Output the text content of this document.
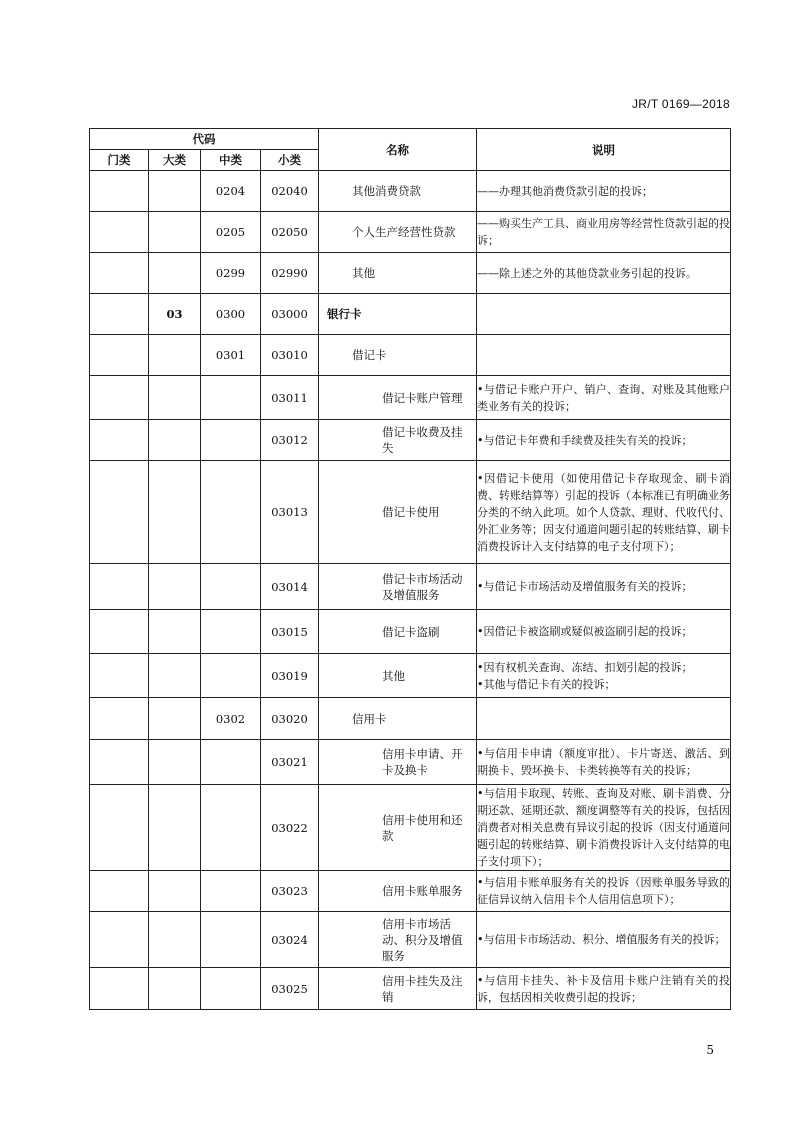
JR/T 0169—2018
代码				名称	说明
门类	大类	中类	小类		
		0204	02040	其他消费贷款	——办理其他消费贷款引起的投诉；
		0205	02050	个人生产经营性贷款	——购买生产工具、商业用房等经营性贷款引起的投诉；
		0299	02990	其他	——除上述之外的其他贷款业务引起的投诉。
	03	0300	03000	银行卡	
		0301	03010	借记卡	
			03011	借记卡账户管理	•与借记卡账户开户、销户、查询、对账及其他账户类业务有关的投诉；
			03012	借记卡收费及挂失	•与借记卡年费和手续费及挂失有关的投诉；
			03013	借记卡使用	•因借记卡使用（如使用借记卡存取现金、刷卡消费、转账结算等）引起的投诉（本标准已有明确业务分类的不纳入此项。如个人贷款、理财、代收代付、外汇业务等；因支付通道问题引起的转账结算、刷卡消费投诉计入支付结算的电子支付项下）；
			03014	借记卡市场活动及增值服务	•与借记卡市场活动及增值服务有关的投诉；
			03015	借记卡盗刷	•因借记卡被盗刷或疑似被盗刷引起的投诉；
			03019	其他	•因有权机关查询、冻结、扣划引起的投诉；
•其他与借记卡有关的投诉；
		0302	03020	信用卡	
			03021	信用卡申请、开卡及换卡	•与信用卡申请（额度审批）、卡片寄送、激活、到期换卡、毁坏换卡、卡类转换等有关的投诉；
			03022	信用卡使用和还款	•与信用卡取现、转账、查询及对账、刷卡消费、分期还款、延期还款、额度调整等有关的投诉，包括因消费者对相关息费有异议引起的投诉（因支付通道问题引起的转账结算、刷卡消费投诉计入支付结算的电子支付项下）；
			03023	信用卡账单服务	•与信用卡账单服务有关的投诉（因账单服务导致的征信异议纳入信用卡个人信用信息项下）；
			03024	信用卡市场活动、积分及增值服务	•与信用卡市场活动、积分、增值服务有关的投诉；
			03025	信用卡挂失及注销	•与信用卡挂失、补卡及信用卡账户注销有关的投诉，包括因相关收费引起的投诉；
5
